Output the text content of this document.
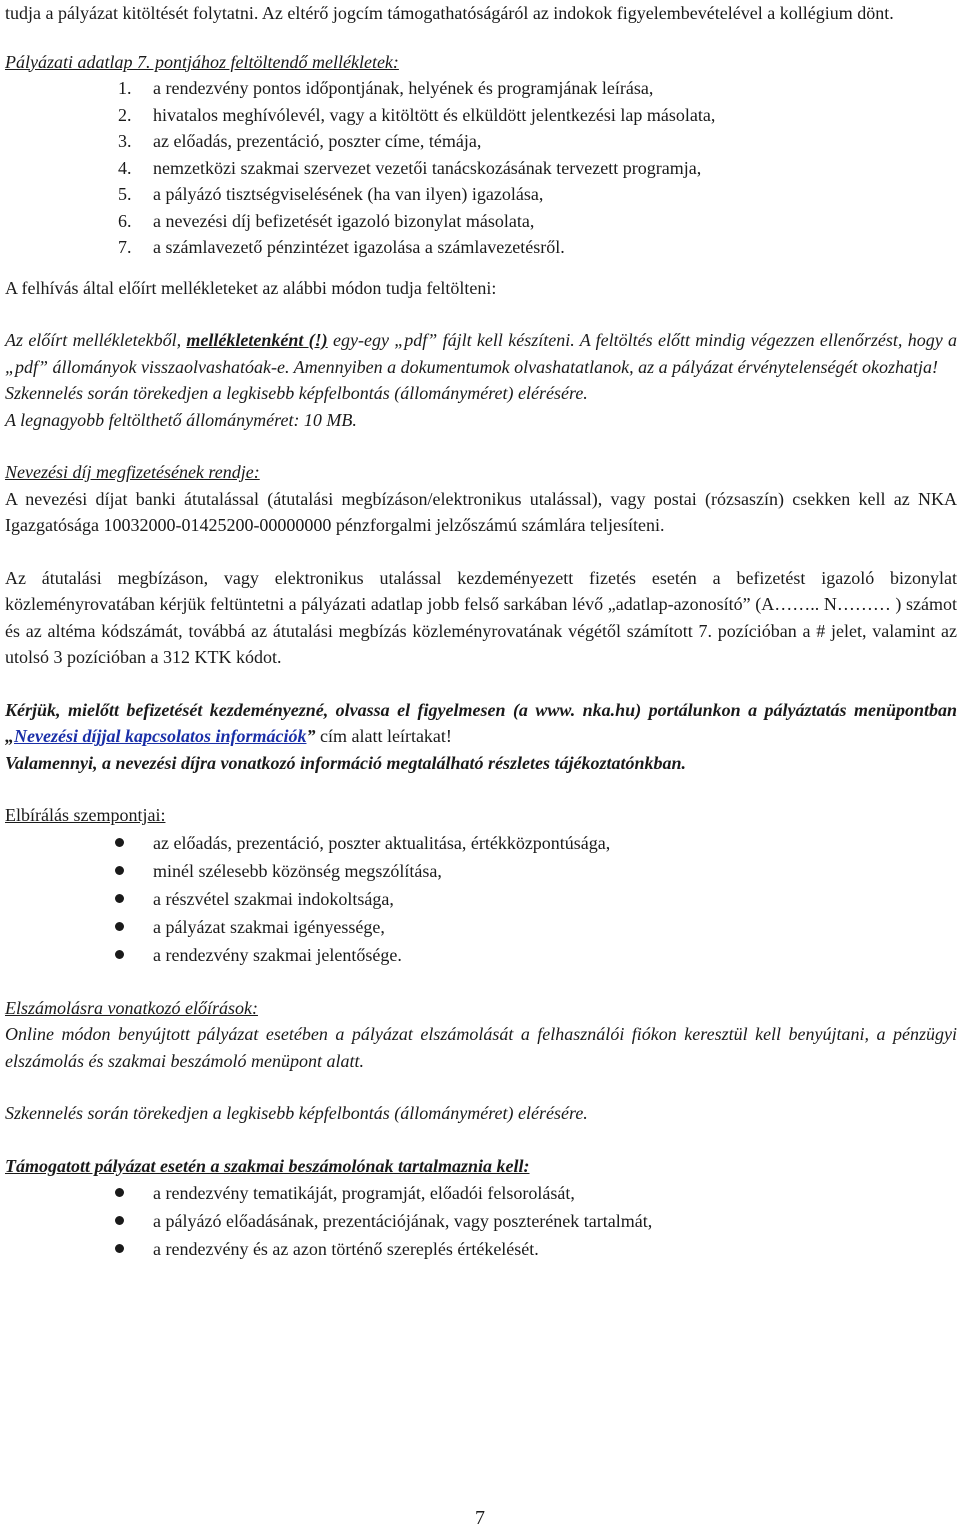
tudja a pályázat kitöltését folytatni. Az eltérő jogcím támogathatóságáról az indokok figyelembevételével a kollégium dönt.

Pályázati adatlap 7. pontjához feltöltendő mellékletek:

1. a rendezvény pontos időpontjának, helyének és programjának leírása,
2. hivatalos meghívólevél, vagy a kitöltött és elküldött jelentkezési lap másolata,
3. az előadás, prezentáció, poszter címe, témája,
4. nemzetközi szakmai szervezet vezetői tanácskozásának tervezett programja,
5. a pályázó tisztségviselésének (ha van ilyen) igazolása,
6. a nevezési díj befizetését igazoló bizonylat másolata,
7. a számlavezető pénzintézet igazolása a számlavezetésről.

A felhívás által előírt mellékleteket az alábbi módon tudja feltölteni:

Az előírt mellékletekből, mellékletenként (!) egy-egy „pdf” fájlt kell készíteni. A feltöltés előtt mindig végezzen ellenőrzést, hogy a „pdf” állományok visszaolvashatóak-e. Amennyiben a dokumentumok olvashatatlanok, az a pályázat érvénytelenségét okozhatja!

Szkennelés során törekedjen a legkisebb képfelbontás (állományméret) elérésére.

A legnagyobb feltölthető állományméret: 10 MB.

Nevezési díj megfizetésének rendje:

A nevezési díjat banki átutalással (átutalási megbízáson/elektronikus utalással), vagy postai (rózsaszín) csekken kell az NKA Igazgatósága 10032000-01425200-00000000 pénzforgalmi jelzőszámú számlára teljesíteni.

Az átutalási megbízáson, vagy elektronikus utalással kezdeményezett fizetés esetén a befizetést igazoló bizonylat közleményrovatában kérjük feltüntetni a pályázati adatlap jobb felső sarkában lévő „adatlap-azonosító” (A…….. N……… ) számot és az altéma kódszámát, továbbá az átutalási megbízás közleményrovatának végétől számított 7. pozícióban a # jelet, valamint az utolsó 3 pozícióban a 312 KTK kódot.

Kérjük, mielőtt befizetését kezdeményezné, olvassa el figyelmesen (a www. nka.hu) portálunkon a pályáztatás menüpontban „Nevezési díjjal kapcsolatos információk” cím alatt leírtakat!

Valamennyi, a nevezési díjra vonatkozó információ megtalálható részletes tájékoztatónkban.

Elbírálás szempontjai:

az előadás, prezentáció, poszter aktualitása, értékközpontúsága,
minél szélesebb közönség megszólítása,
a részvétel szakmai indokoltsága,
a pályázat szakmai igényessége,
a rendezvény szakmai jelentősége.

Elszámolásra vonatkozó előírások:

Online módon benyújtott pályázat esetében a pályázat elszámolását a felhasználói fiókon keresztül kell benyújtani, a pénzügyi elszámolás és szakmai beszámoló menüpont alatt.

Szkennelés során törekedjen a legkisebb képfelbontás (állományméret) elérésére.

Támogatott pályázat esetén a szakmai beszámolónak tartalmaznia kell:

a rendezvény tematikáját, programját, előadói felsorolását,
a pályázó előadásának, prezentációjának, vagy poszterének tartalmát,
a rendezvény és az azon történő szereplés értékelését.
7
